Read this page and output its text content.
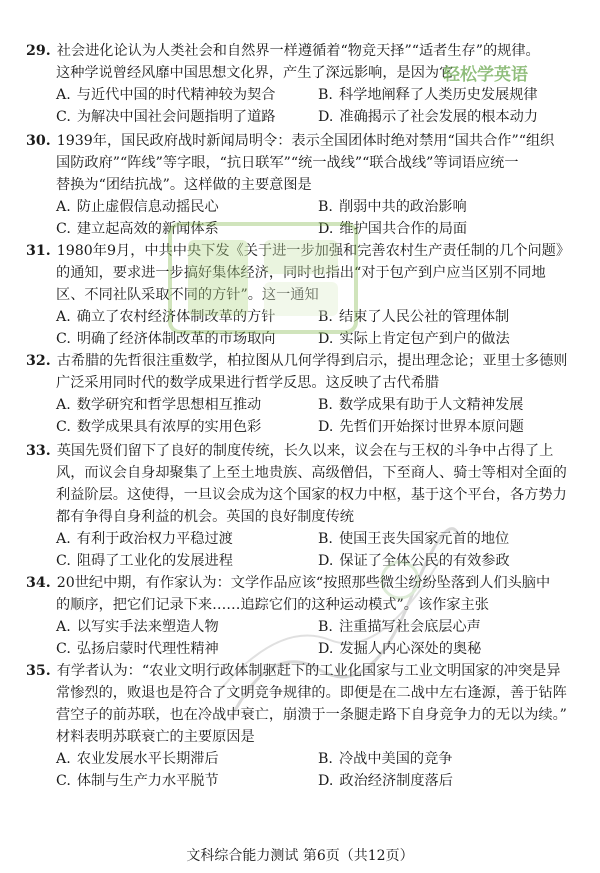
29. 社会进化论认为人类社会和自然界一样遵循着“物竞天择”“适者生存”的规律。

这种学说曾经风靡中国思想文化界，产生了深远影响，是因为它

A. 与近代中国的时代精神较为契合	B. 科学地阐释了人类历史发展规律
C. 为解决中国社会问题指明了道路	D. 准确揭示了社会发展的根本动力

30. 1939年，国民政府战时新闻局明令：表示全国团体时绝对禁用“国共合作”“组织

国防政府”“阵线”等字眼，“抗日联军”“统一战线”“联合战线”等词语应统一

替换为“团结抗战”。这样做的主要意图是

A. 防止虚假信息动摇民心	B. 削弱中共的政治影响
C. 建立起高效的新闻体系	D. 维护国共合作的局面

31. 1980年9月，中共中央下发《关于进一步加强和完善农村生产责任制的几个问题》

的通知，要求进一步搞好集体经济，同时也指出“对于包产到户应当区别不同地

区、不同社队采取不同的方针”。这一通知

A. 确立了农村经济体制改革的方针	B. 结束了人民公社的管理体制
C. 明确了经济体制改革的市场取向	D. 实际上肯定包产到户的做法

32. 古希腊的先哲很注重数学，柏拉图从几何学得到启示，提出理念论；亚里士多德则

广泛采用同时代的数学成果进行哲学反思。这反映了古代希腊

A. 数学研究和哲学思想相互推动	B. 数学成果有助于人文精神发展
C. 数学成果具有浓厚的实用色彩	D. 先哲们开始探讨世界本原问题

33. 英国先贤们留下了良好的制度传统，长久以来，议会在与王权的斗争中占得了上

风，而议会自身却聚集了上至土地贵族、高级僧侣，下至商人、骑士等相对全面的

利益阶层。这使得，一旦议会成为这个国家的权力中枢，基于这个平台，各方势力

都有争得自身利益的机会。英国的良好制度传统

A. 有利于政治权力平稳过渡	B. 使国王丧失国家元首的地位
C. 阻碍了工业化的发展进程	D. 保证了全体公民的有效参政

34. 20世纪中期，有作家认为：文学作品应该“按照那些微尘纷纷坠落到人们头脑中

的顺序，把它们记录下来……追踪它们的这种运动模式”。该作家主张

A. 以写实手法来塑造人物	B. 注重描写社会底层心声
C. 弘扬启蒙时代理性精神	D. 发掘人内心深处的奥秘

35. 有学者认为：“农业文明行政体制驱赶下的工业化国家与工业文明国家的冲突是异

常惨烈的，败退也是符合了文明竞争规律的。即便是在二战中左右逢源，善于钻阵

营空子的前苏联，也在冷战中衰亡，崩溃于一条腿走路下自身竞争力的无以为续。”

材料表明苏联衰亡的主要原因是

A. 农业发展水平长期滞后	B. 冷战中美国的竞争
C. 体制与生产力水平脱节	D. 政治经济制度落后
文科综合能力测试 第6页（共12页）
轻松学英语
